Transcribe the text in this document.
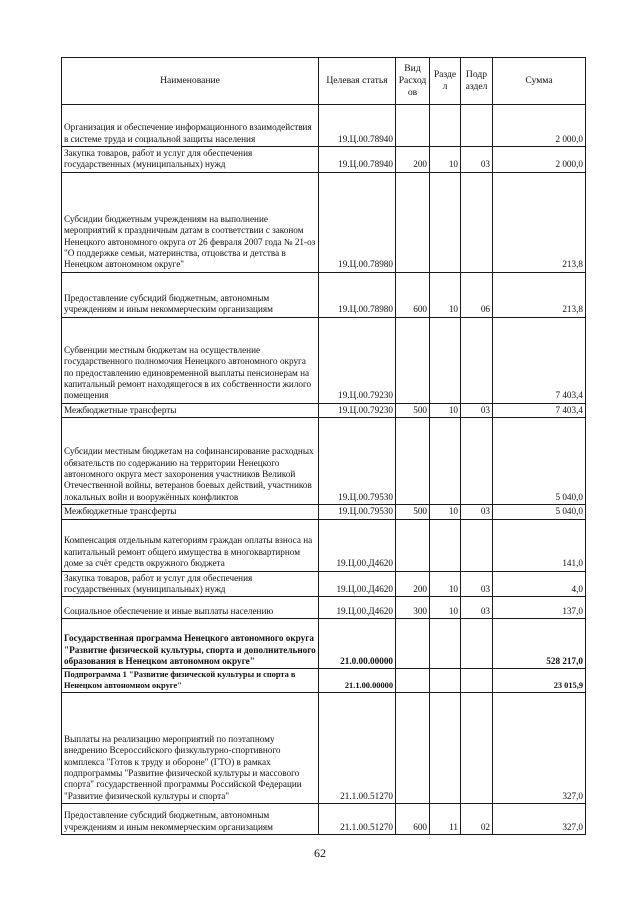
Наименование	Целевая статья	Вид Расход ов	Разде л	Подр аздел	Сумма
Организация и обеспечение информационного взаимодействия в системе труда и социальной защиты населения	19.Ц.00.78940				2 000,0
Закупка товаров, работ и услуг для обеспечения государственных (муниципальных) нужд	19.Ц.00.78940	200	10	03	2 000,0
Субсидии бюджетным учреждениям на выполнение мероприятий к праздничным датам в соответствии с законом Ненецкого автономного округа от 26 февраля 2007 года № 21-оз "О поддержке семьи, материнства, отцовства и детства в Ненецком автономном округе"	19.Ц.00.78980				213,8
Предоставление субсидий бюджетным, автономным учреждениям и иным некоммерческим организациям	19.Ц.00.78980	600	10	06	213,8
Субвенции местным бюджетам на осуществление государственного полномочия Ненецкого автономного округа по предоставлению единовременной выплаты пенсионерам на капитальный ремонт находящегося в их собственности жилого помещения	19.Ц.00.79230				7 403,4
Межбюджетные трансферты	19.Ц.00.79230	500	10	03	7 403,4
Субсидии местным бюджетам на софинансирование расходных обязательств по содержанию на территории Ненецкого автономного округа мест захоронения участников Великой Отечественной войны, ветеранов боевых действий, участников локальных войн и вооружённых конфликтов	19.Ц.00.79530				5 040,0
Межбюджетные трансферты	19.Ц.00.79530	500	10	03	5 040,0
Компенсация отдельным категориям граждан оплаты взноса на капитальный ремонт общего имущества в многоквартирном доме за счёт средств окружного бюджета	19.Ц.00.Д4620				141,0
Закупка товаров, работ и услуг для обеспечения государственных (муниципальных) нужд	19.Ц.00.Д4620	200	10	03	4,0
Социальное обеспечение и иные выплаты населению	19.Ц.00.Д4620	300	10	03	137,0
Государственная программа Ненецкого автономного округа "Развитие физической культуры, спорта и дополнительного образования в Ненецком автономном округе"	21.0.00.00000				528 217,0
Подпрограмма 1 "Развитие физической культуры и спорта в Ненецком автономном округе"	21.1.00.00000				23 015,9
Выплаты на реализацию мероприятий по поэтапному внедрению Всероссийского физкультурно-спортивного комплекса "Готов к труду и обороне" (ГТО) в рамках подпрограммы "Развитие физической культуры и массового спорта" государственной программы Российской Федерации "Развитие физической культуры и спорта"	21.1.00.51270				327,0
Предоставление субсидий бюджетным, автономным учреждениям и иным некоммерческим организациям	21.1.00.51270	600	11	02	327,0
62
